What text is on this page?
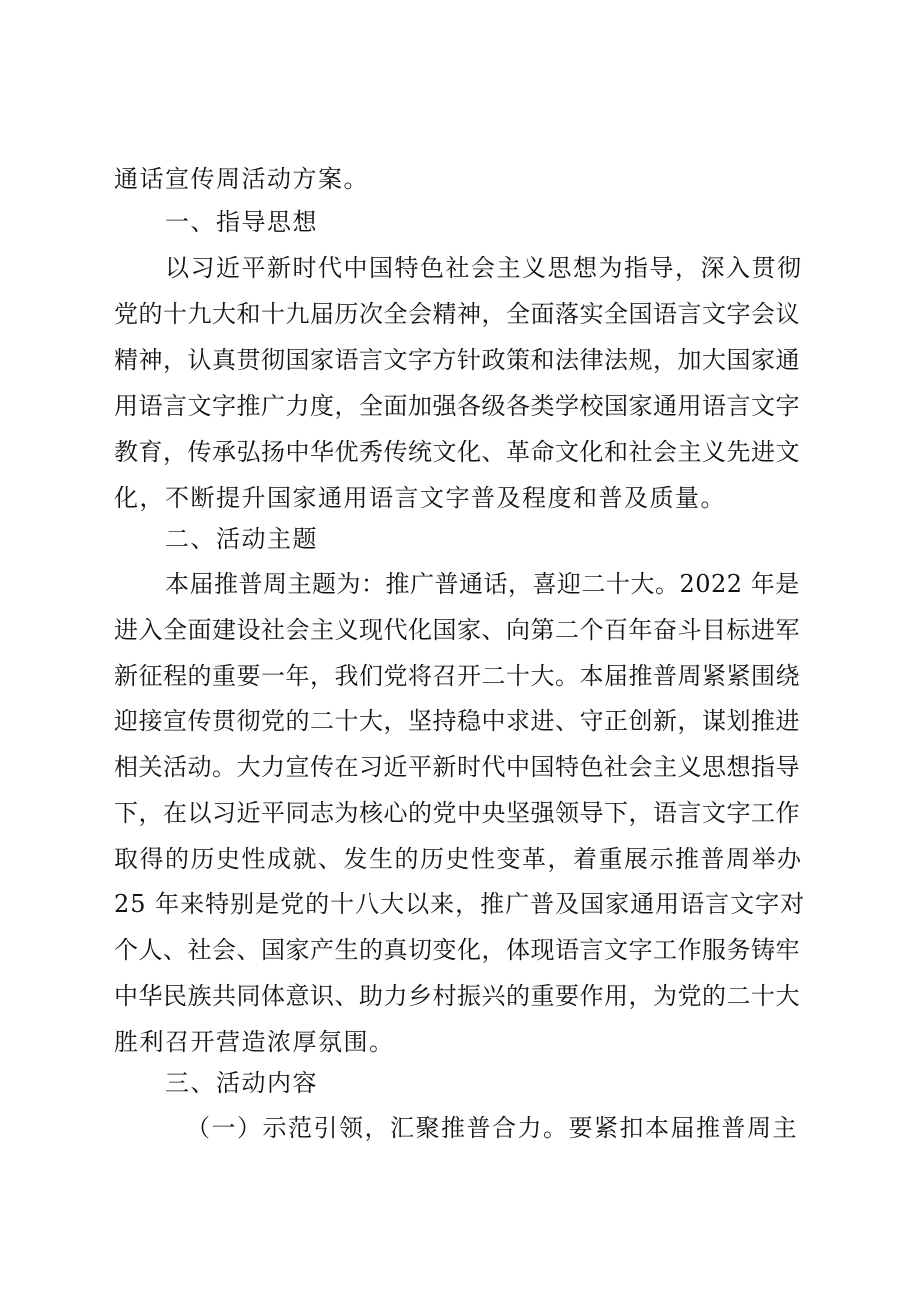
通话宣传周活动方案。
一、指导思想
以习近平新时代中国特色社会主义思想为指导，深入贯彻
党的十九大和十九届历次全会精神，全面落实全国语言文字会议
精神，认真贯彻国家语言文字方针政策和法律法规，加大国家通
用语言文字推广力度，全面加强各级各类学校国家通用语言文字
教育，传承弘扬中华优秀传统文化、革命文化和社会主义先进文
化，不断提升国家通用语言文字普及程度和普及质量。
二、活动主题
本届推普周主题为：推广普通话，喜迎二十大。2022 年是
进入全面建设社会主义现代化国家、向第二个百年奋斗目标进军
新征程的重要一年，我们党将召开二十大。本届推普周紧紧围绕
迎接宣传贯彻党的二十大，坚持稳中求进、守正创新，谋划推进
相关活动。大力宣传在习近平新时代中国特色社会主义思想指导
下，在以习近平同志为核心的党中央坚强领导下，语言文字工作
取得的历史性成就、发生的历史性变革，着重展示推普周举办
25 年来特别是党的十八大以来，推广普及国家通用语言文字对
个人、社会、国家产生的真切变化，体现语言文字工作服务铸牢
中华民族共同体意识、助力乡村振兴的重要作用，为党的二十大
胜利召开营造浓厚氛围。
三、活动内容
（一）示范引领，汇聚推普合力。要紧扣本届推普周主
